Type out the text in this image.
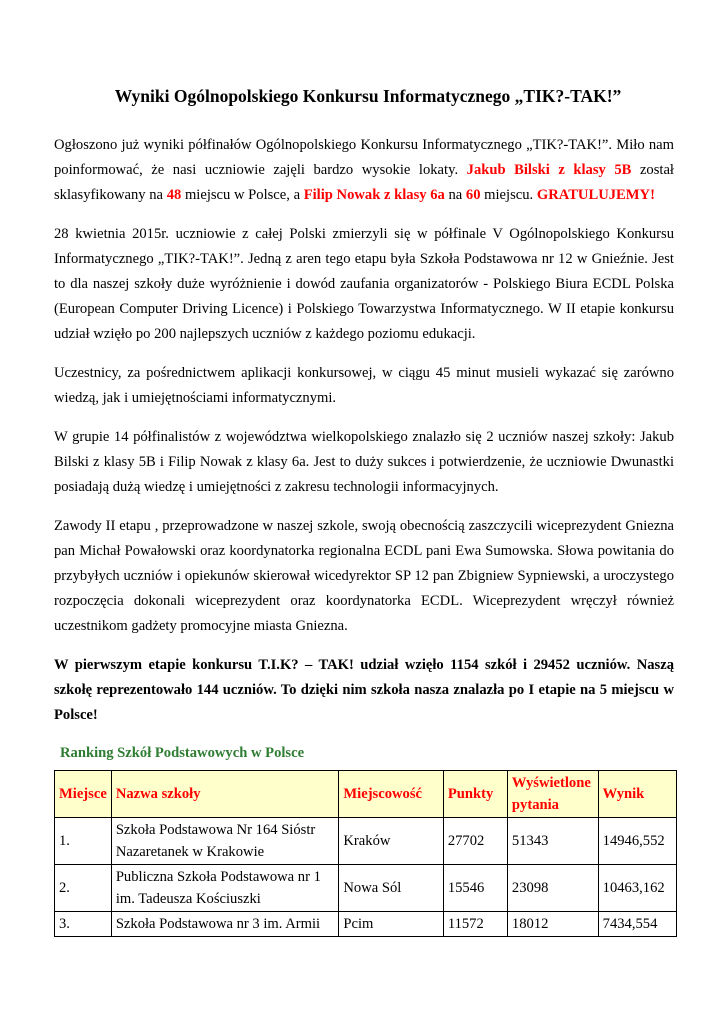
Wyniki Ogólnopolskiego Konkursu Informatycznego „TIK?-TAK!”

Ogłoszono już wyniki półfinałów Ogólnopolskiego Konkursu Informatycznego „TIK?-TAK!”. Miło nam poinformować, że nasi uczniowie zajęli bardzo wysokie lokaty. Jakub Bilski z klasy 5B został sklasyfikowany na 48 miejscu w Polsce, a Filip Nowak z klasy 6a na 60 miejscu. GRATULUJEMY!

28 kwietnia 2015r. uczniowie z całej Polski zmierzyli się w półfinale V Ogólnopolskiego Konkursu Informatycznego „TIK?-TAK!”. Jedną z aren tego etapu była Szkoła Podstawowa nr 12 w Gnieźnie. Jest to dla naszej szkoły duże wyróżnienie i dowód zaufania organizatorów - Polskiego Biura ECDL Polska (European Computer Driving Licence) i Polskiego Towarzystwa Informatycznego. W II etapie konkursu udział wzięło po 200 najlepszych uczniów z każdego poziomu edukacji.

Uczestnicy, za pośrednictwem aplikacji konkursowej, w ciągu 45 minut musieli wykazać się zarówno wiedzą, jak i umiejętnościami informatycznymi.

W grupie 14 półfinalistów z województwa wielkopolskiego znalazło się 2 uczniów naszej szkoły: Jakub Bilski z klasy 5B i Filip Nowak z klasy 6a. Jest to duży sukces i potwierdzenie, że uczniowie Dwunastki posiadają dużą wiedzę i umiejętności z zakresu technologii informacyjnych.

Zawody II etapu , przeprowadzone w naszej szkole, swoją obecnością zaszczycili wiceprezydent Gniezna pan Michał Powałowski oraz koordynatorka regionalna ECDL pani Ewa Sumowska. Słowa powitania do przybyłych uczniów i opiekunów skierował wicedyrektor SP 12 pan Zbigniew Sypniewski, a uroczystego rozpoczęcia dokonali wiceprezydent oraz koordynatorka ECDL. Wiceprezydent wręczył również uczestnikom gadżety promocyjne miasta Gniezna.

W pierwszym etapie konkursu T.I.K? – TAK! udział wzięło 1154 szkół i 29452 uczniów. Naszą szkołę reprezentowało 144 uczniów. To dzięki nim szkoła nasza znalazła po I etapie na 5 miejscu w Polsce!

Ranking Szkół Podstawowych w Polsce
Miejsce	Nazwa szkoły	Miejscowość	Punkty	Wyświetlone pytania	Wynik
1.	Szkoła Podstawowa Nr 164 Sióstr Nazaretanek w Krakowie	Kraków	27702	51343	14946,552
2.	Publiczna Szkoła Podstawowa nr 1 im. Tadeusza Kościuszki	Nowa Sól	15546	23098	10463,162
3.	Szkoła Podstawowa nr 3 im. Armii	Pcim	11572	18012	7434,554
